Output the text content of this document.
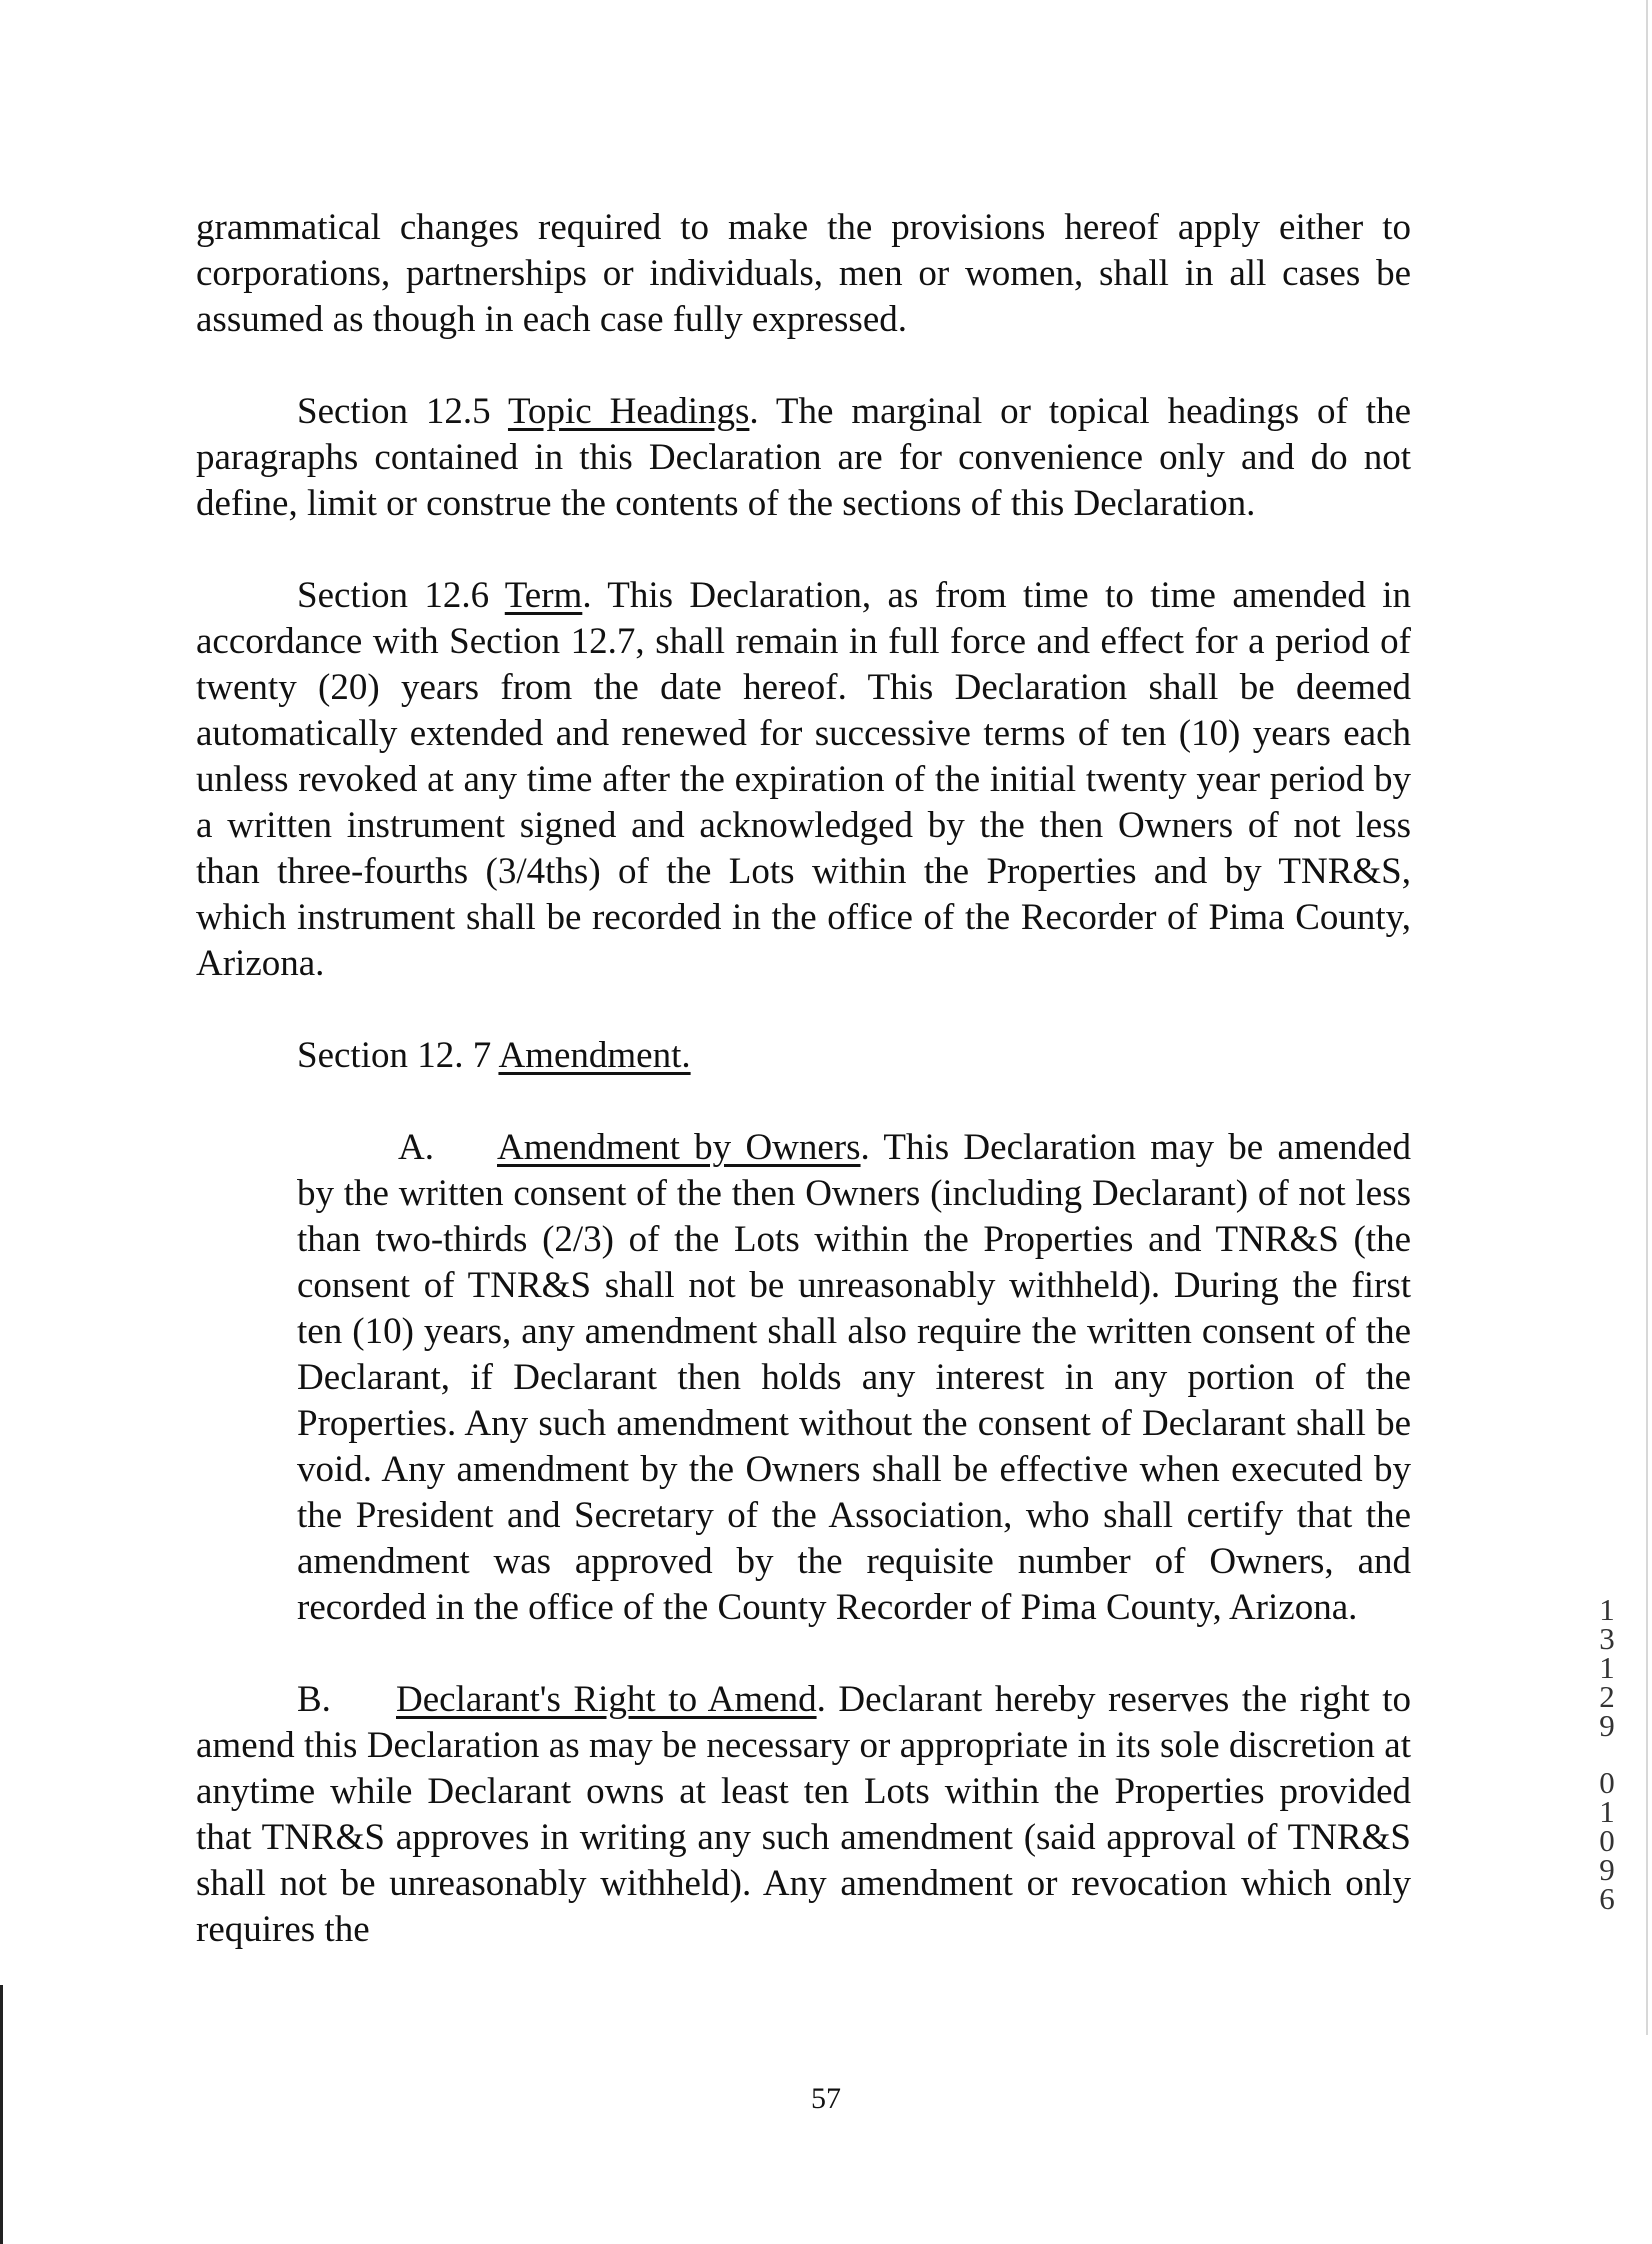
grammatical changes required to make the provisions hereof apply either to corporations, partnerships or individuals, men or women, shall in all cases be assumed as though in each case fully expressed.

Section 12.5 Topic Headings. The marginal or topical headings of the paragraphs contained in this Declaration are for convenience only and do not define, limit or construe the contents of the sections of this Declaration.

Section 12.6 Term. This Declaration, as from time to time amended in accordance with Section 12.7, shall remain in full force and effect for a period of twenty (20) years from the date hereof. This Declaration shall be deemed automatically extended and renewed for successive terms of ten (10) years each unless revoked at any time after the expiration of the initial twenty year period by a written instrument signed and acknowledged by the then Owners of not less than three-fourths (3/4ths) of the Lots within the Properties and by TNR&S, which instrument shall be recorded in the office of the Recorder of Pima County, Arizona.

Section 12. 7 Amendment.

A. Amendment by Owners. This Declaration may be amended by the written consent of the then Owners (including Declarant) of not less than two-thirds (2/3) of the Lots within the Properties and TNR&S (the consent of TNR&S shall not be unreasonably withheld). During the first ten (10) years, any amendment shall also require the written consent of the Declarant, if Declarant then holds any interest in any portion of the Properties. Any such amendment without the consent of Declarant shall be void. Any amendment by the Owners shall be effective when executed by the President and Secretary of the Association, who shall certify that the amendment was approved by the requisite number of Owners, and recorded in the office of the County Recorder of Pima County, Arizona.

B. Declarant's Right to Amend. Declarant hereby reserves the right to amend this Declaration as may be necessary or appropriate in its sole discretion at anytime while Declarant owns at least ten Lots within the Properties provided that TNR&S approves in writing any such amendment (said approval of TNR&S shall not be unreasonably withheld). Any amendment or revocation which only requires the

13129
01096
57
